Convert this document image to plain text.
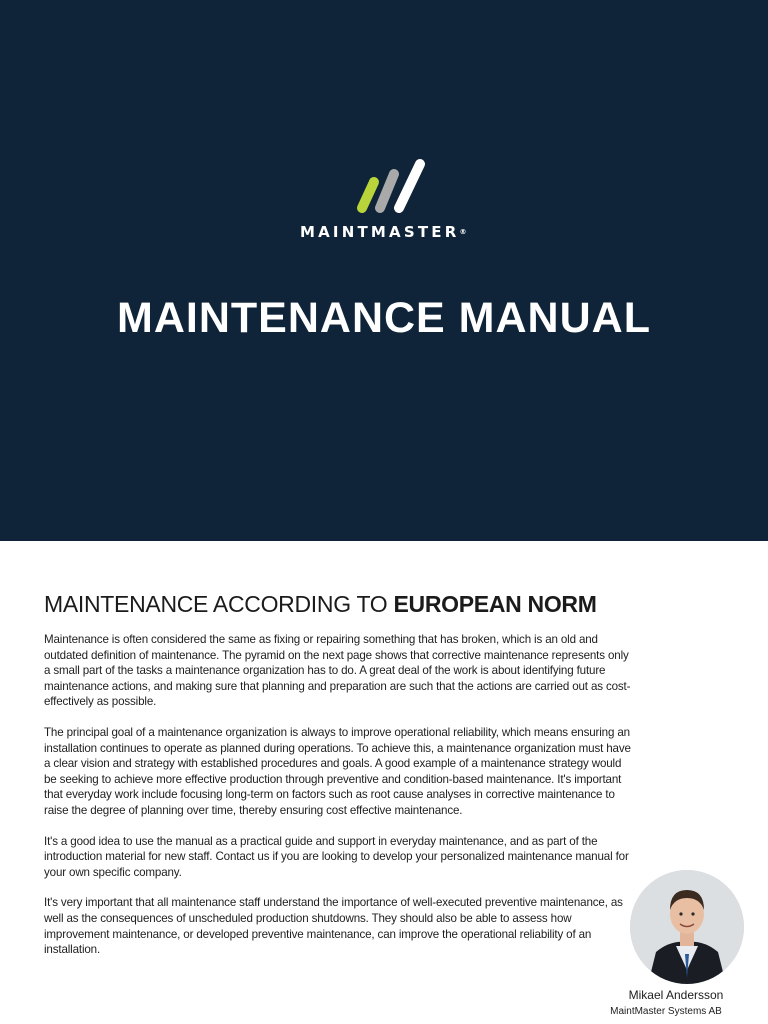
MAINTMASTER®
MAINTENANCE MANUAL
MAINTENANCE ACCORDING TO EUROPEAN NORM

Maintenance is often considered the same as fixing or repairing something that has broken, which is an old and outdated definition of maintenance. The pyramid on the next page shows that corrective maintenance represents only a small part of the tasks a maintenance organization has to do. A great deal of the work is about identifying future maintenance actions, and making sure that planning and preparation are such that the actions are carried out as cost-effectively as possible.

The principal goal of a maintenance organization is always to improve operational reliability, which means ensuring an installation continues to operate as planned during operations. To achieve this, a maintenance organization must have a clear vision and strategy with established procedures and goals. A good example of a maintenance strategy would be seeking to achieve more effective production through preventive and condition-based maintenance. It's important that everyday work include focusing long-term on factors such as root cause analyses in corrective maintenance to raise the degree of planning over time, thereby ensuring cost effective maintenance.

It's a good idea to use the manual as a practical guide and support in everyday maintenance, and as part of the introduction material for new staff. Contact us if you are looking to develop your personalized maintenance manual for your own specific company.

It's very important that all maintenance staff understand the importance of well-executed preventive maintenance, as well as the consequences of unscheduled production shutdowns. They should also be able to assess how improvement maintenance, or developed preventive maintenance, can improve the operational reliability of an installation.

Mikael Andersson

MaintMaster Systems AB
